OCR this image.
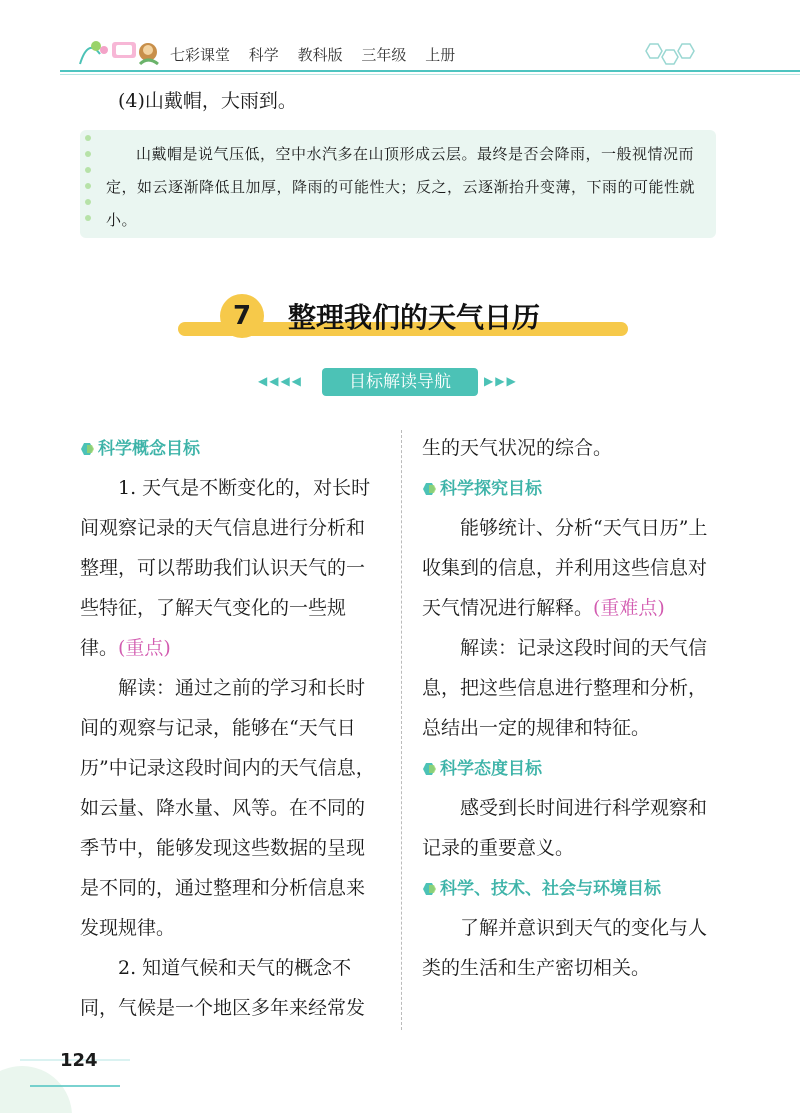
七彩课堂 科学 教科版 三年级 上册
(4)山戴帽，大雨到。
山戴帽是说气压低，空中水汽多在山顶形成云层。最终是否会降雨，一般视情况而定，如云逐渐降低且加厚，降雨的可能性大；反之，云逐渐抬升变薄，下雨的可能性就小。
7	整理我们的天气日历
◀◀◀◀	目标解读导航	▶▶▶
科学概念目标

1. 天气是不断变化的，对长时间观察记录的天气信息进行分析和整理，可以帮助我们认识天气的一些特征，了解天气变化的一些规律。(重点)

解读：通过之前的学习和长时间的观察与记录，能够在“天气日历”中记录这段时间内的天气信息，如云量、降水量、风等。在不同的季节中，能够发现这些数据的呈现是不同的，通过整理和分析信息来发现规律。

2. 知道气候和天气的概念不同，气候是一个地区多年来经常发

生的天气状况的综合。

科学探究目标

能够统计、分析“天气日历”上收集到的信息，并利用这些信息对天气情况进行解释。(重难点)

解读：记录这段时间的天气信息，把这些信息进行整理和分析，总结出一定的规律和特征。

科学态度目标

感受到长时间进行科学观察和记录的重要意义。

科学、技术、社会与环境目标

了解并意识到天气的变化与人类的生活和生产密切相关。

124
